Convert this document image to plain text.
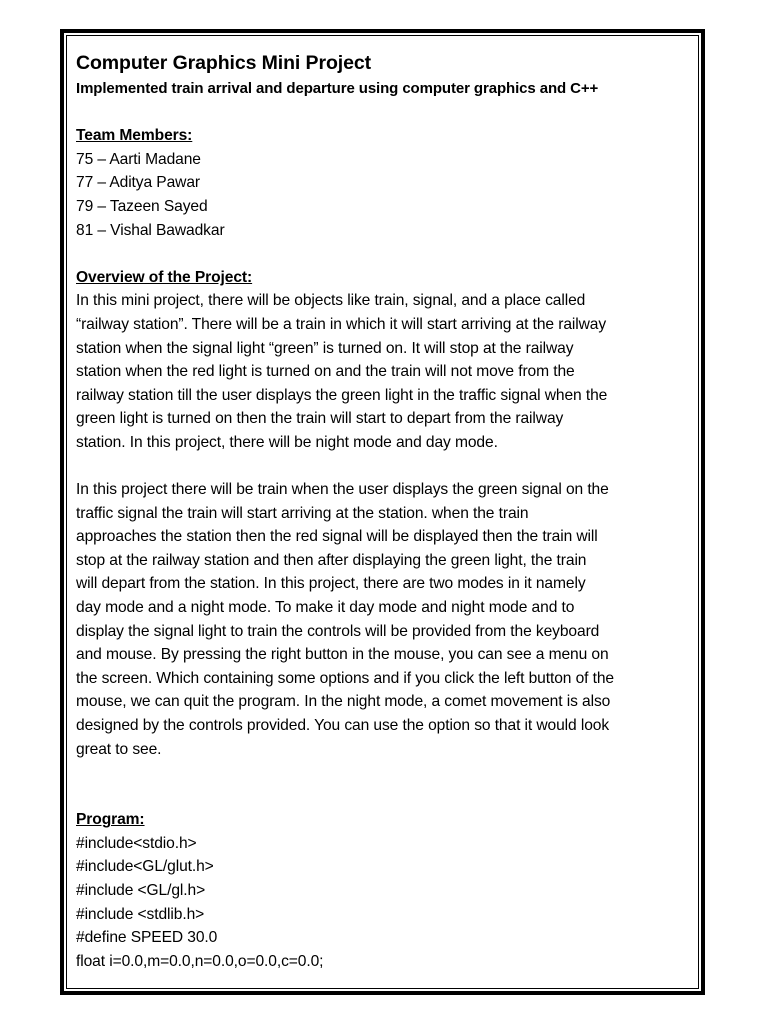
Computer Graphics Mini Project
Implemented train arrival and departure using computer graphics and C++
Team Members:
75 – Aarti Madane
77 – Aditya Pawar
79 – Tazeen Sayed
81 – Vishal Bawadkar
Overview of the Project:

In this mini project, there will be objects like train, signal, and a place called
“railway station”. There will be a train in which it will start arriving at the railway
station when the signal light “green” is turned on. It will stop at the railway
station when the red light is turned on and the train will not move from the
railway station till the user displays the green light in the traffic signal when the
green light is turned on then the train will start to depart from the railway
station. In this project, there will be night mode and day mode.

In this project there will be train when the user displays the green signal on the
traffic signal the train will start arriving at the station. when the train
approaches the station then the red signal will be displayed then the train will
stop at the railway station and then after displaying the green light, the train
will depart from the station. In this project, there are two modes in it namely
day mode and a night mode. To make it day mode and night mode and to
display the signal light to train the controls will be provided from the keyboard
and mouse. By pressing the right button in the mouse, you can see a menu on
the screen. Which containing some options and if you click the left button of the
mouse, we can quit the program. In the night mode, a comet movement is also
designed by the controls provided. You can use the option so that it would look
great to see.

Program:
#include<stdio.h>
#include<GL/glut.h>
#include <GL/gl.h>
#include <stdlib.h>
#define SPEED 30.0
float i=0.0,m=0.0,n=0.0,o=0.0,c=0.0;
